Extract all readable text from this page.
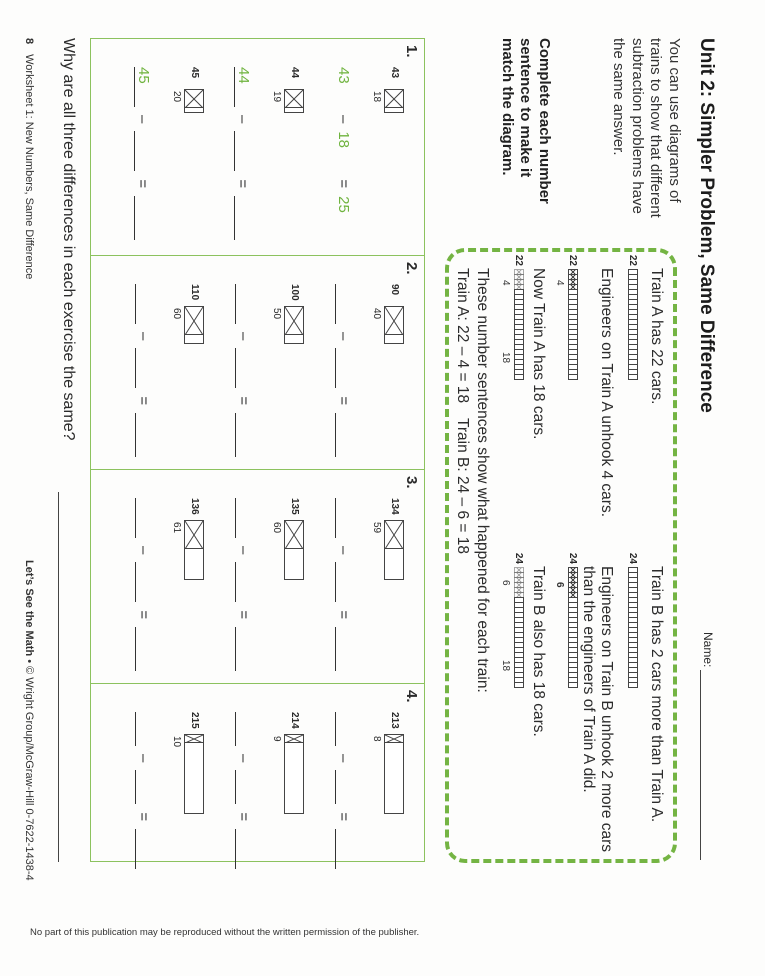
Unit 2: Simpler Problem, Same Difference
Name:
You can use diagrams of trains to show that different subtraction problems have the same answer.
Complete each number sentence to make it match the diagram.
Train A has 22 cars.
Train B has 2 cars more than Train A.
22
24
Engineers on Train A unhook 4 cars.
Engineers on Train B unhook 2 more cars than the engineers of Train A did.
22
4
24
6
Now Train A has 18 cars.
Train B also has 18 cars.
22
4
18
24
6
18
These number sentences show what happened for each train:
Train A: 22 – 4 = 18
Train B: 24 – 6 = 18
1.
43
18
43
–
18
=
25
44
19
44
–
=
45
20
45
–
=
2.
90
40
–
=
100
50
–
=
110
60
–
=
3.
134
59
–
=
135
60
–
=
136
61
–
=
4.
213
8
–
=
214
9
–
=
215
10
–
=
Why are all three differences in each exercise the same?
8Worksheet 1: New Numbers, Same Difference
Let’s See the Math • © Wright Group/McGraw-Hill 0-7622-1438-4
No part of this publication may be reproduced without the written permission of the publisher.
